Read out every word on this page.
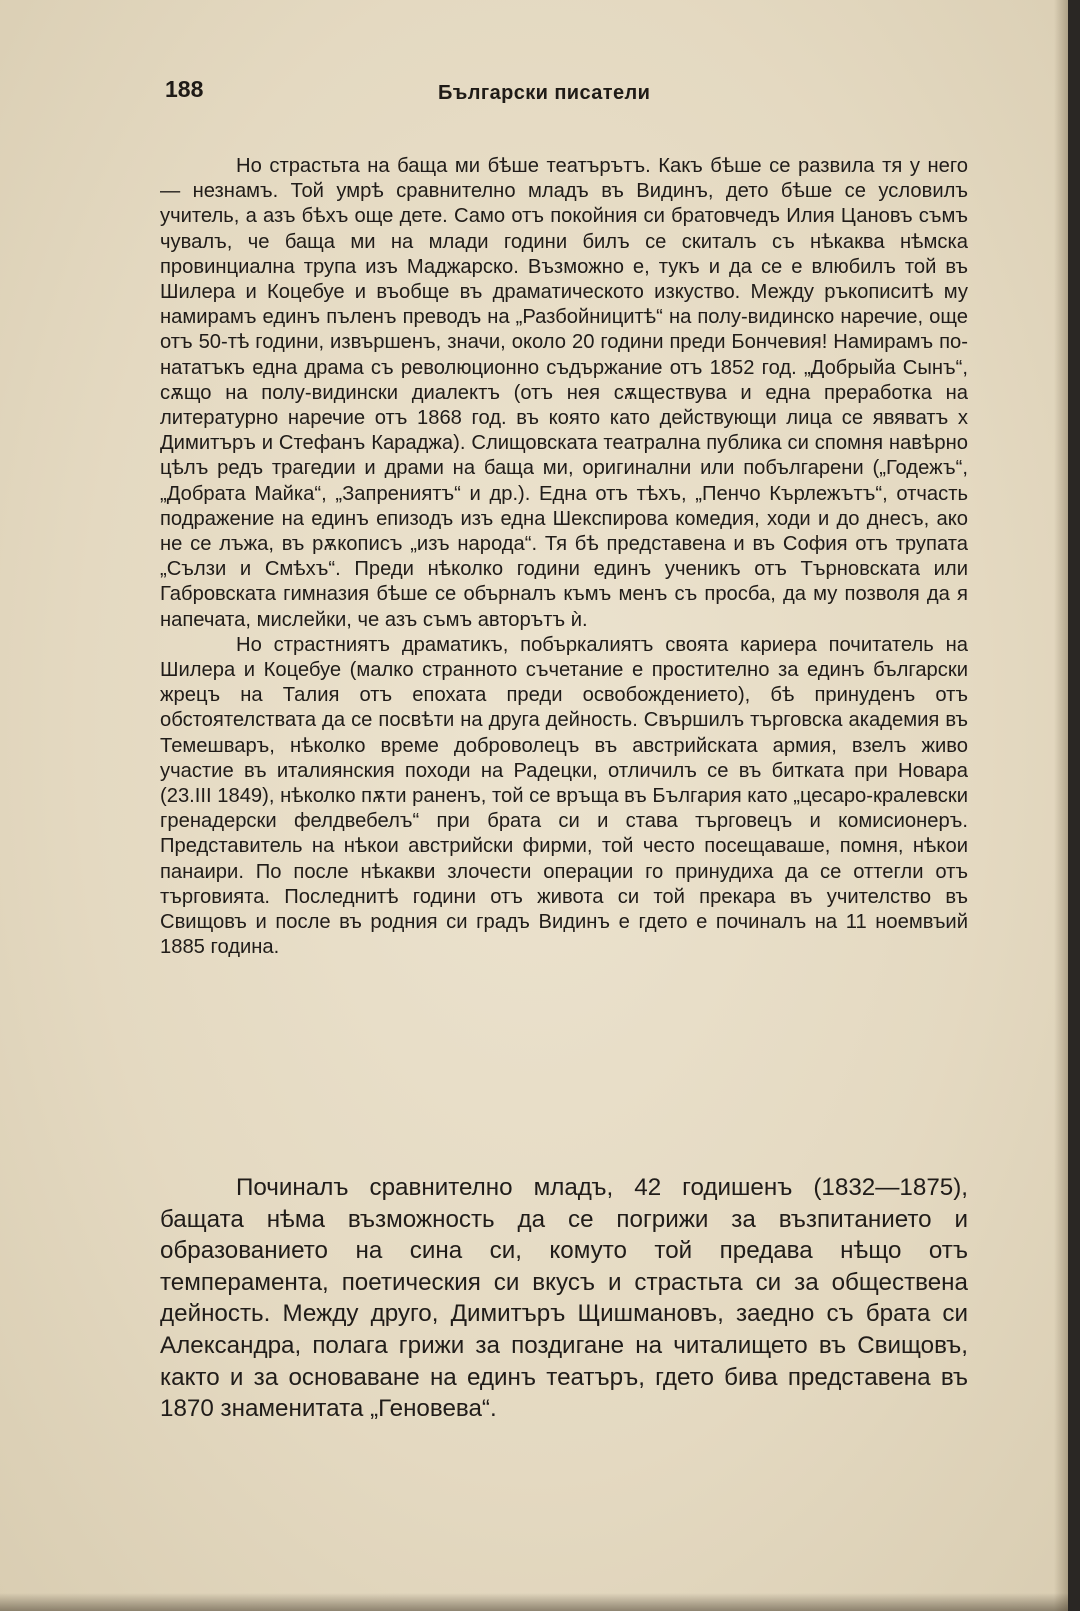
188	Български писатели

Но страстьта на баща ми бѣше театърътъ. Какъ бѣше се развила тя у него — незнамъ. Той умрѣ сравнително младъ въ Видинъ, дето бѣше се условилъ учитель, а азъ бѣхъ още дете. Само отъ покойния си братовчедъ Илия Цановъ съмъ чувалъ, че баща ми на млади години билъ се скиталъ съ нѣкаква нѣмска провинциална трупа изъ Маджарско. Възможно е, тукъ и да се е влюбилъ той въ Шилера и Коцебуе и въобще въ драматическото изкуство. Между ръкописитѣ му намирамъ единъ пъленъ преводъ на „Разбойницитѣ“ на полу-видинско наречие, още отъ 50-тѣ години, извършенъ, значи, около 20 години преди Бончевия! Намирамъ по-нататъкъ една драма съ революционно съдържание отъ 1852 год. „Добрыйа Сынъ“, сѫщо на полу-видински диалектъ (отъ нея сѫществува и една преработка на литературно наречие отъ 1868 год. въ която като действующи лица се явяватъ х Димитъръ и Стефанъ Караджа). Слищовската театрална публика си спомня навѣрно цѣлъ редъ трагедии и драми на баща ми, оригинални или побългарени („Годежъ“, „Добрата Майка“, „Запрениятъ“ и др.). Една отъ тѣхъ, „Пенчо Кърлежътъ“, отчасть подражение на единъ епизодъ изъ една Шекспирова комедия, ходи и до днесъ, ако не се лъжа, въ рѫкописъ „изъ народа“. Тя бѣ представена и въ София отъ трупата „Сълзи и Смѣхъ“. Преди нѣколко години единъ ученикъ отъ Търновската или Габровската гимназия бѣше се обърналъ къмъ менъ съ просба, да му позволя да я напечата, мислейки, че азъ съмъ авторътъ ѝ.

Но страстниятъ драматикъ, побъркалиятъ своята кариера почитатель на Шилера и Коцебуе (малко странното съчетание е простително за единъ български жрецъ на Талия отъ епохата преди освобождението), бѣ принуденъ отъ обстоятелствата да се посвѣти на друга дейность. Свършилъ търговска академия въ Темешваръ, нѣколко време доброволецъ въ австрийската армия, взелъ живо участие въ италиянския походи на Радецки, отличилъ се въ битката при Новара (23.III 1849), нѣколко пѫти раненъ, той се връща въ България като „цесаро-кралевски гренадерски фелдвебелъ“ при брата си и става търговецъ и комисионеръ. Представитель на нѣкои австрийски фирми, той често посещаваше, помня, нѣкои панаири. По после нѣкакви злочести операции го принудиха да се оттегли отъ търговията. Последнитѣ години отъ живота си той прекара въ учителство въ Свищовъ и после въ родния си градъ Видинъ е гдето е починалъ на 11 ноемвъий 1885 година.

Починалъ сравнително младъ, 42 годишенъ (1832—1875), бащата нѣма възможность да се погрижи за възпитанието и образованието на сина си, комуто той предава нѣщо отъ темперамента, поетическия си вкусъ и страстьта си за обществена дейность. Между друго, Димитъръ Щишмановъ, заедно съ брата си Александра, полага грижи за поздигане на читалището въ Свищовъ, както и за основаване на единъ театъръ, гдето бива представена въ 1870 знаменитата „Геновева“.
